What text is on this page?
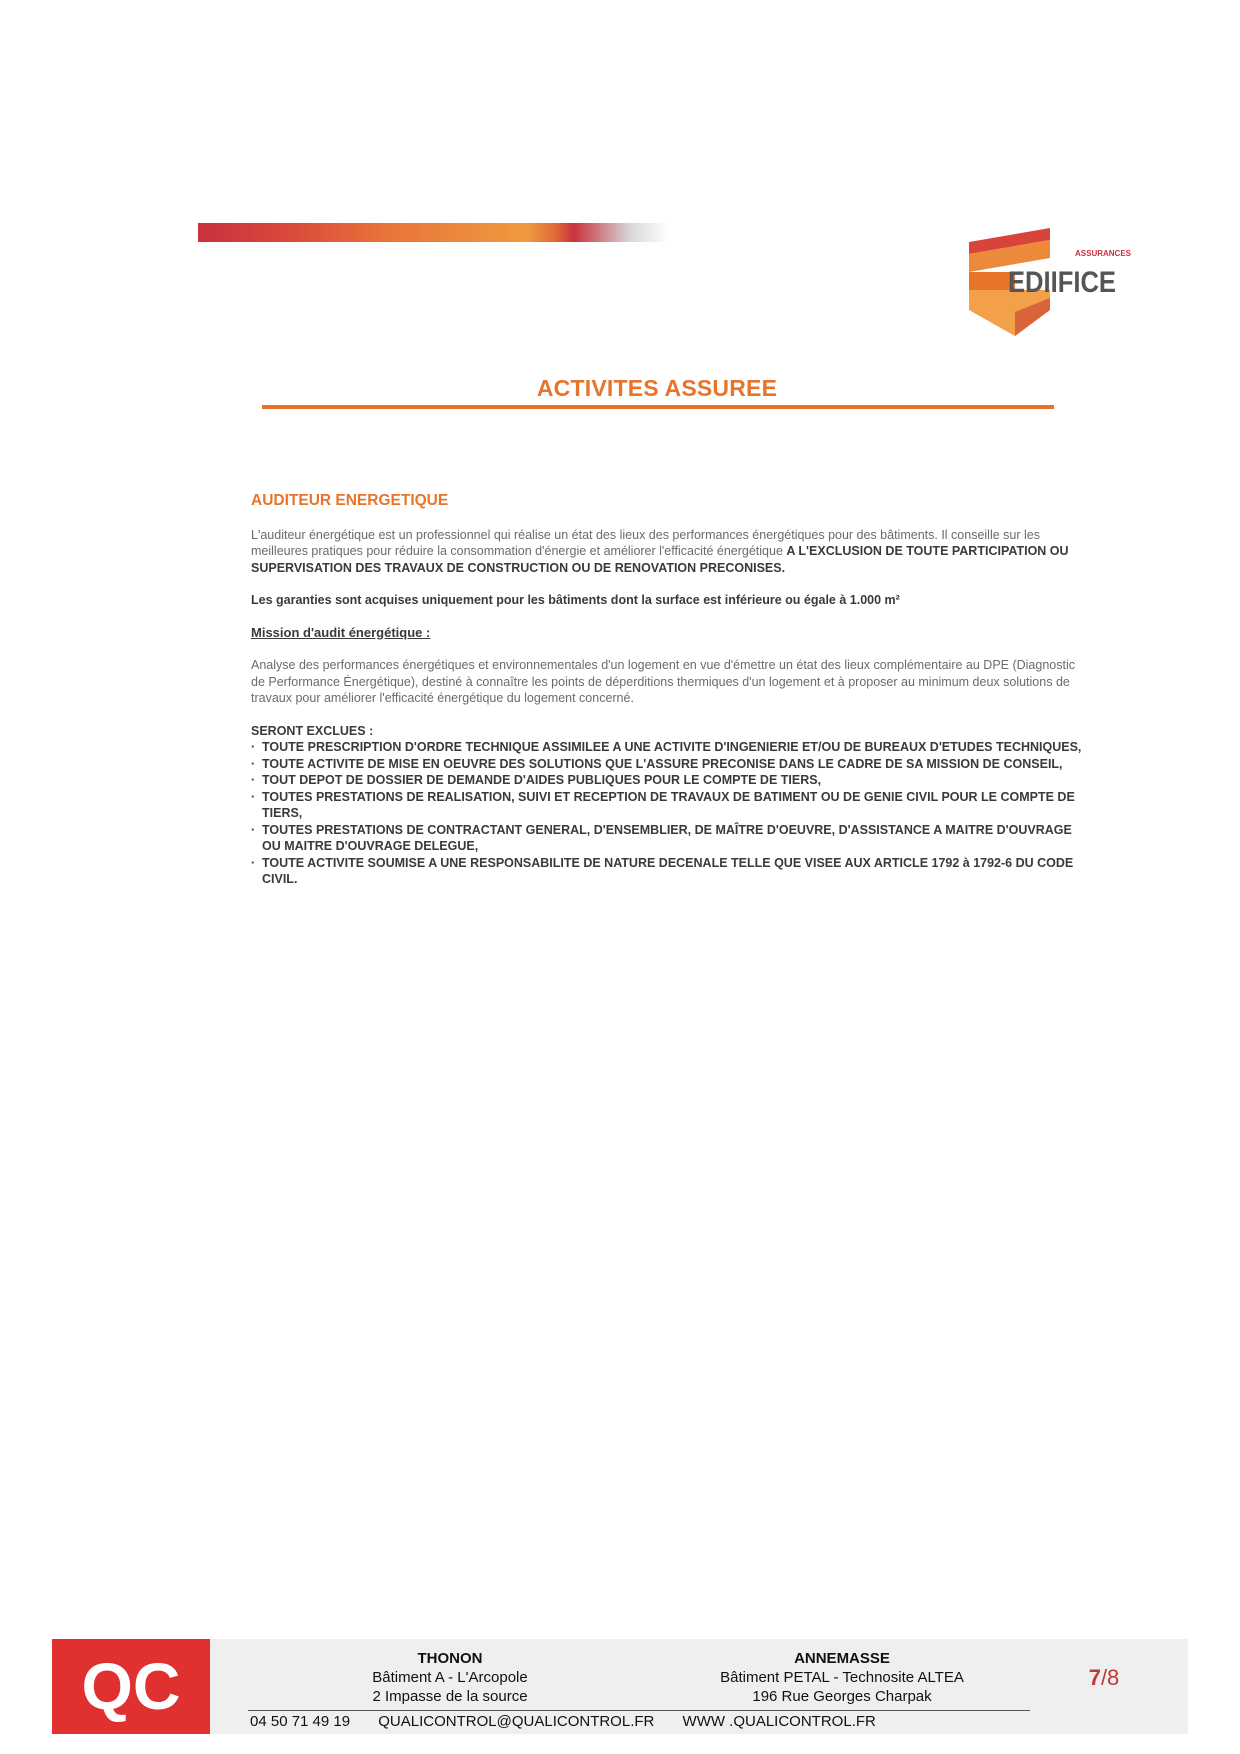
ASSURANCES
EDIIFICE
ACTIVITES ASSUREE
AUDITEUR ENERGETIQUE

L'auditeur énergétique est un professionnel qui réalise un état des lieux des performances énergétiques pour des bâtiments. Il conseille sur les meilleures pratiques pour réduire la consommation d'énergie et améliorer l'efficacité énergétique A L'EXCLUSION DE TOUTE PARTICIPATION OU SUPERVISATION DES TRAVAUX DE CONSTRUCTION OU DE RENOVATION PRECONISES.

Les garanties sont acquises uniquement pour les bâtiments dont la surface est inférieure ou égale à 1.000 m²

Mission d'audit énergétique :

Analyse des performances énergétiques et environnementales d'un logement en vue d'émettre un état des lieux complémentaire au DPE (Diagnostic de Performance Énergétique), destiné à connaître les points de déperditions thermiques d'un logement et à proposer au minimum deux solutions de travaux pour améliorer l'efficacité énergétique du logement concerné.

SERONT EXCLUES :
· TOUTE PRESCRIPTION D'ORDRE TECHNIQUE ASSIMILEE A UNE ACTIVITE D'INGENIERIE ET/OU DE BUREAUX D'ETUDES TECHNIQUES,
· TOUTE ACTIVITE DE MISE EN OEUVRE DES SOLUTIONS QUE L'ASSURE PRECONISE DANS LE CADRE DE SA MISSION DE CONSEIL,
· TOUT DEPOT DE DOSSIER DE DEMANDE D'AIDES PUBLIQUES POUR LE COMPTE DE TIERS,
· TOUTES PRESTATIONS DE REALISATION, SUIVI ET RECEPTION DE TRAVAUX DE BATIMENT OU DE GENIE CIVIL POUR LE COMPTE DE TIERS,
· TOUTES PRESTATIONS DE CONTRACTANT GENERAL, D'ENSEMBLIER, DE MAÎTRE D'OEUVRE, D'ASSISTANCE A MAITRE D'OUVRAGE OU MAITRE D'OUVRAGE DELEGUE,
· TOUTE ACTIVITE SOUMISE A UNE RESPONSABILITE DE NATURE DECENALE TELLE QUE VISEE AUX ARTICLE 1792 à 1792-6 DU CODE CIVIL.
QC	THONON
Bâtiment A - L'Arcopole
2 Impasse de la source
ANNEMASSE
Bâtiment PETAL - Technosite ALTEA
196 Rue Georges Charpak
7/8
04 50 71 49 19 QUALICONTROL@QUALICONTROL.FR WWW .QUALICONTROL.FR
